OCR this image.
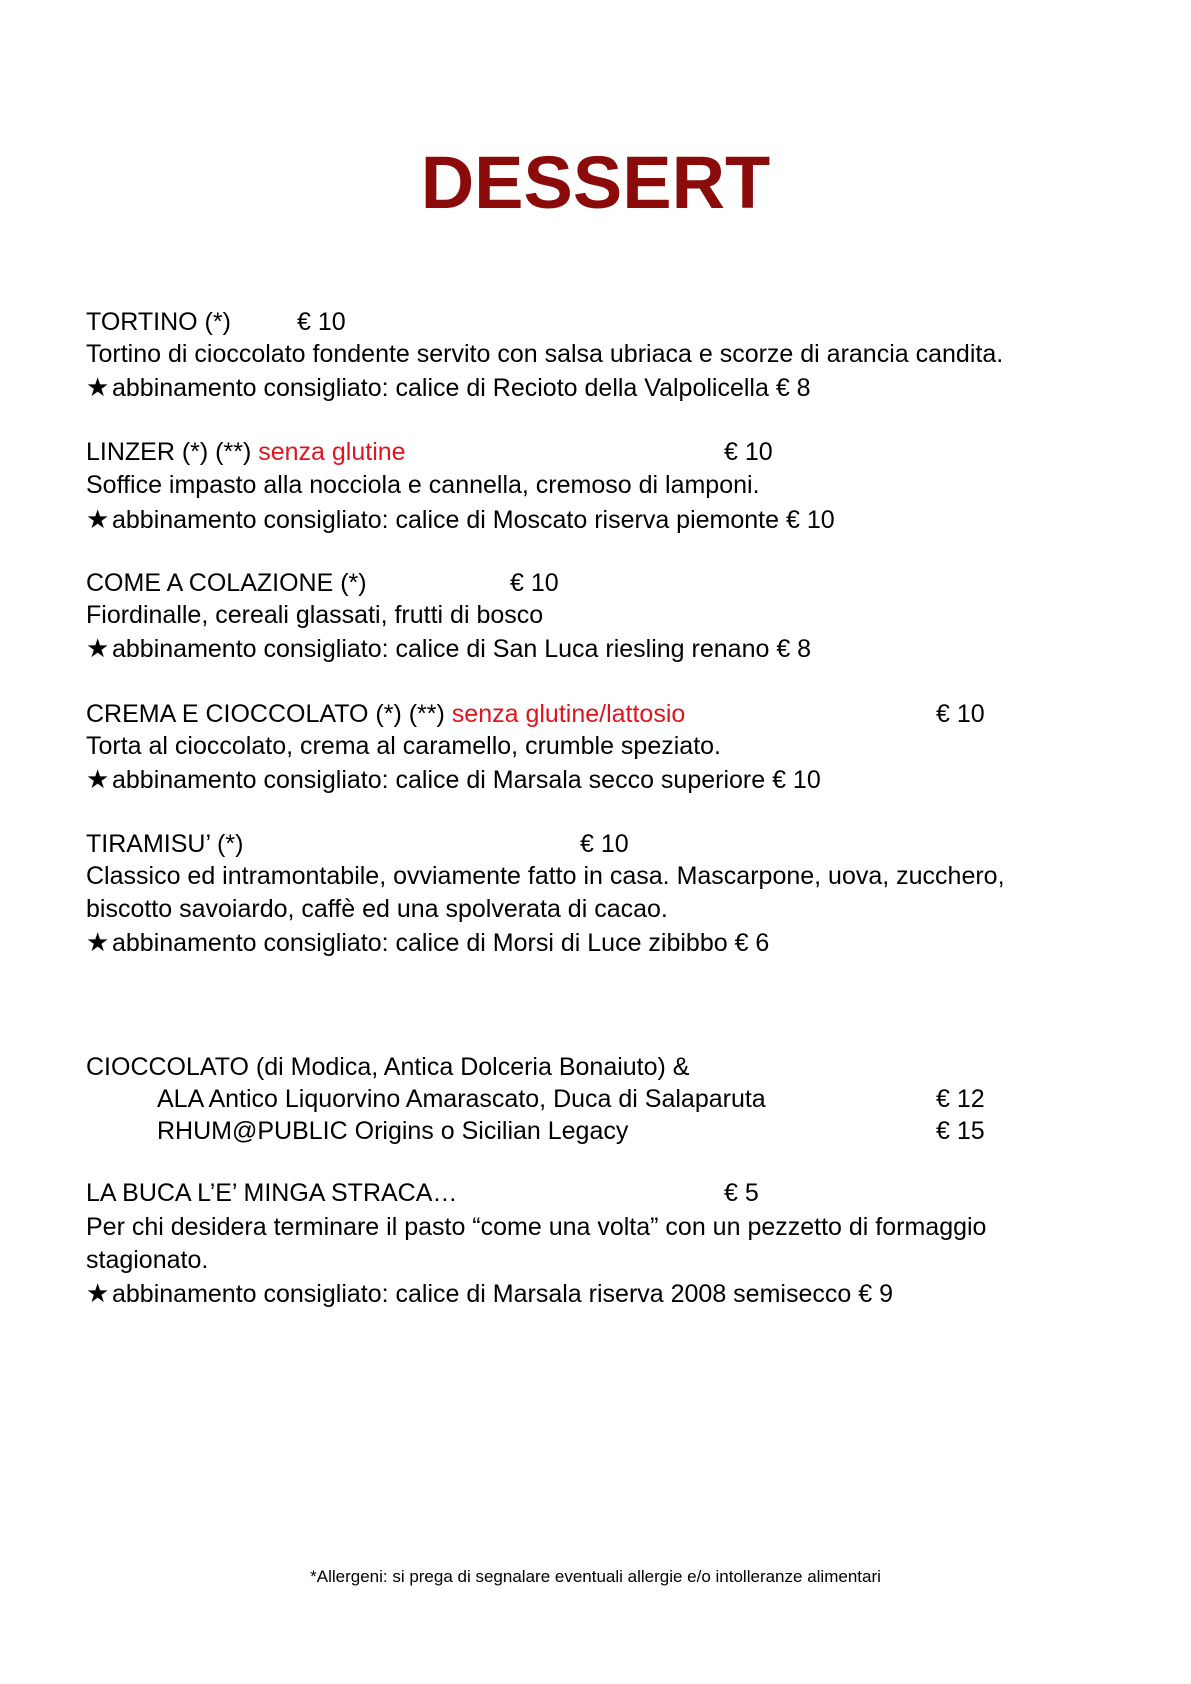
DESSERT
TORTINO (*)	€ 10
Tortino di cioccolato fondente servito con salsa ubriaca e scorze di arancia candita.
★ abbinamento consigliato: calice di Recioto della Valpolicella € 8
LINZER (*) (**) senza glutine	€ 10
Soffice impasto alla nocciola e cannella, cremoso di lamponi.
★ abbinamento consigliato: calice di Moscato riserva piemonte € 10
COME A COLAZIONE (*)	€ 10
Fiordinalle, cereali glassati, frutti di bosco
★ abbinamento consigliato: calice di San Luca riesling renano € 8
CREMA E CIOCCOLATO (*) (**) senza glutine/lattosio	€ 10
Torta al cioccolato, crema al caramello, crumble speziato.
★ abbinamento consigliato: calice di Marsala secco superiore € 10
TIRAMISU’ (*)	€ 10
Classico ed intramontabile, ovviamente fatto in casa. Mascarpone, uova, zucchero,
biscotto savoiardo, caffè ed una spolverata di cacao.
★ abbinamento consigliato: calice di Morsi di Luce zibibbo € 6
CIOCCOLATO (di Modica, Antica Dolceria Bonaiuto) &
ALA Antico Liquorvino Amarascato, Duca di Salaparuta	€ 12
RHUM@PUBLIC Origins o Sicilian Legacy	€ 15
LA BUCA L’E’ MINGA STRACA…	€ 5
Per chi desidera terminare il pasto “come una volta” con un pezzetto di formaggio
stagionato.
★ abbinamento consigliato: calice di Marsala riserva 2008 semisecco € 9
*Allergeni: si prega di segnalare eventuali allergie e/o intolleranze alimentari
